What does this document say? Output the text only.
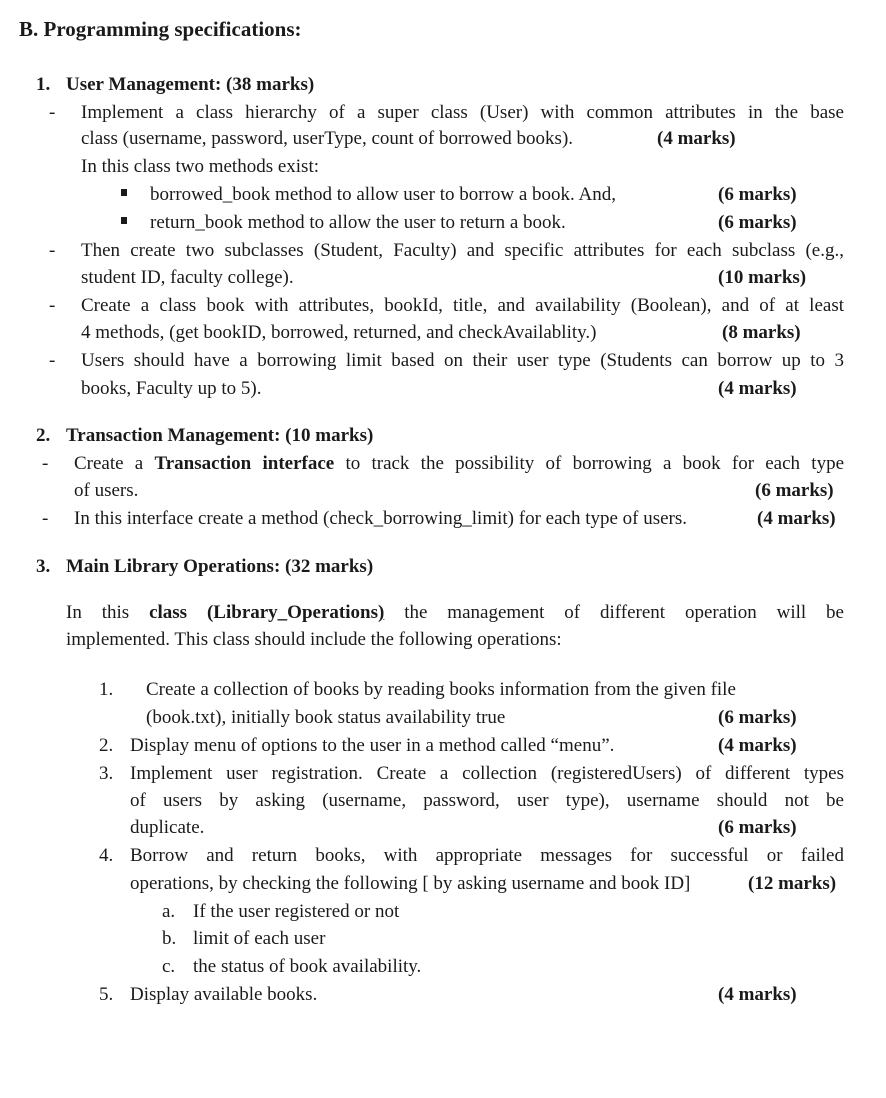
B. Programming specifications:
1. User Management: (38 marks)
- Implement a class hierarchy of a super class (User) with common attributes in the base
class (username, password, userType, count of borrowed books).	(4 marks)
In this class two methods exist:
borrowed_book method to allow user to borrow a book. And,	(6 marks)
return_book method to allow the user to return a book.	(6 marks)
- Then create two subclasses (Student, Faculty) and specific attributes for each subclass (e.g.,
student ID, faculty college).	(10 marks)
- Create a class book with attributes, bookId, title, and availability (Boolean), and of at least
4 methods, (get bookID, borrowed, returned, and checkAvailablity.)	(8 marks)
- Users should have a borrowing limit based on their user type (Students can borrow up to 3
books, Faculty up to 5).	(4 marks)
2. Transaction Management: (10 marks)
- Create a Transaction interface to track the possibility of borrowing a book for each type
of users.	(6 marks)
- In this interface create a method (check_borrowing_limit) for each type of users.	(4 marks)
3. Main Library Operations: (32 marks)
In this class (Library_Operations) the management of different operation will be
implemented. This class should include the following operations:
1. Create a collection of books by reading books information from the given file
(book.txt), initially book status availability true	(6 marks)
2. Display menu of options to the user in a method called “menu”.	(4 marks)
3. Implement user registration. Create a collection (registeredUsers) of different types
of users by asking (username, password, user type), username should not be
duplicate.	(6 marks)
4. Borrow and return books, with appropriate messages for successful or failed
operations, by checking the following [ by asking username and book ID]	(12 marks)
a. If the user registered or not
b. limit of each user
c. the status of book availability.
5. Display available books.	(4 marks)
